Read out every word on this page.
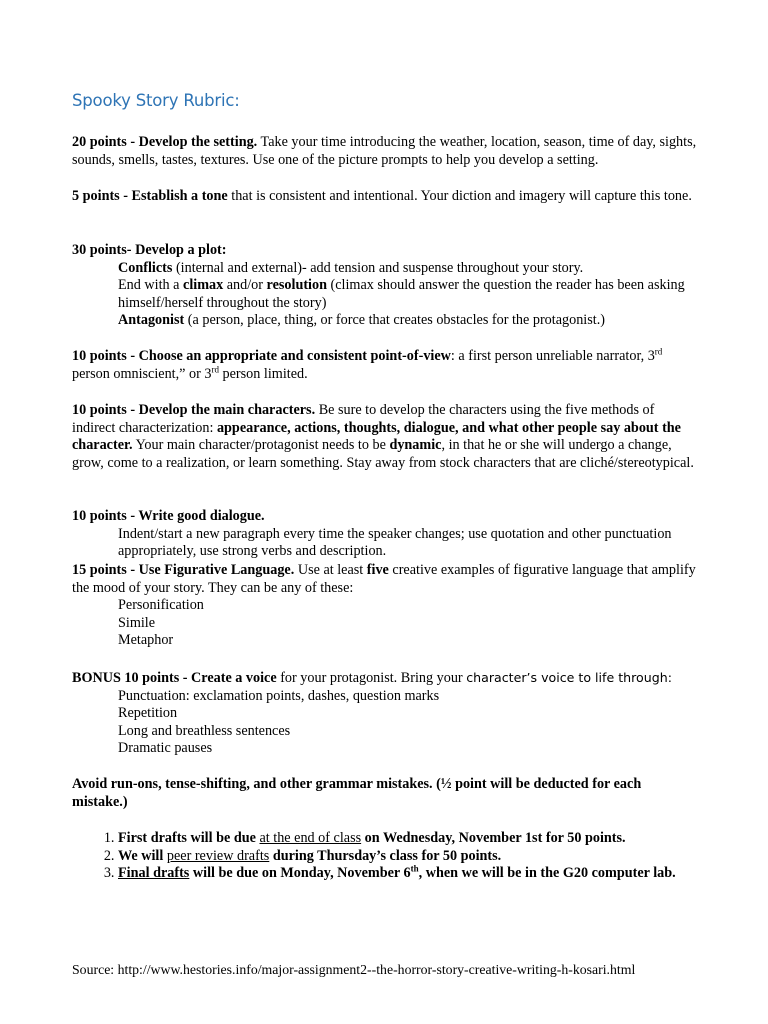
Spooky Story Rubric:

20 points - Develop the setting. Take your time introducing the weather, location, season, time of day, sights, sounds, smells, tastes, textures. Use one of the picture prompts to help you develop a setting.

5 points - Establish a tone that is consistent and intentional. Your diction and imagery will capture this tone.

30 points- Develop a plot:
Conflicts (internal and external)- add tension and suspense throughout your story.
End with a climax and/or resolution (climax should answer the question the reader has been asking himself/herself throughout the story)
Antagonist (a person, place, thing, or force that creates obstacles for the protagonist.)

10 points - Choose an appropriate and consistent point-of-view: a first person unreliable narrator, 3rd person omniscient,” or 3rd person limited.

10 points - Develop the main characters. Be sure to develop the characters using the five methods of indirect characterization: appearance, actions, thoughts, dialogue, and what other people say about the character. Your main character/protagonist needs to be dynamic, in that he or she will undergo a change, grow, come to a realization, or learn something. Stay away from stock characters that are cliché/stereotypical.

10 points - Write good dialogue.
Indent/start a new paragraph every time the speaker changes; use quotation and other punctuation appropriately, use strong verbs and description.
15 points - Use Figurative Language. Use at least five creative examples of figurative language that amplify the mood of your story. They can be any of these:
Personification
Simile
Metaphor
BONUS 10 points - Create a voice for your protagonist. Bring your character’s voice to life through:
Punctuation: exclamation points, dashes, question marks
Repetition
Long and breathless sentences
Dramatic pauses

Avoid run-ons, tense-shifting, and other grammar mistakes. (½ point will be deducted for each mistake.)

1. First drafts will be due at the end of class on Wednesday, November 1st for 50 points.
2. We will peer review drafts during Thursday’s class for 50 points.
3. Final drafts will be due on Monday, November 6th, when we will be in the G20 computer lab.

Source: http://www.hestories.info/major-assignment2--the-horror-story-creative-writing-h-kosari.html
